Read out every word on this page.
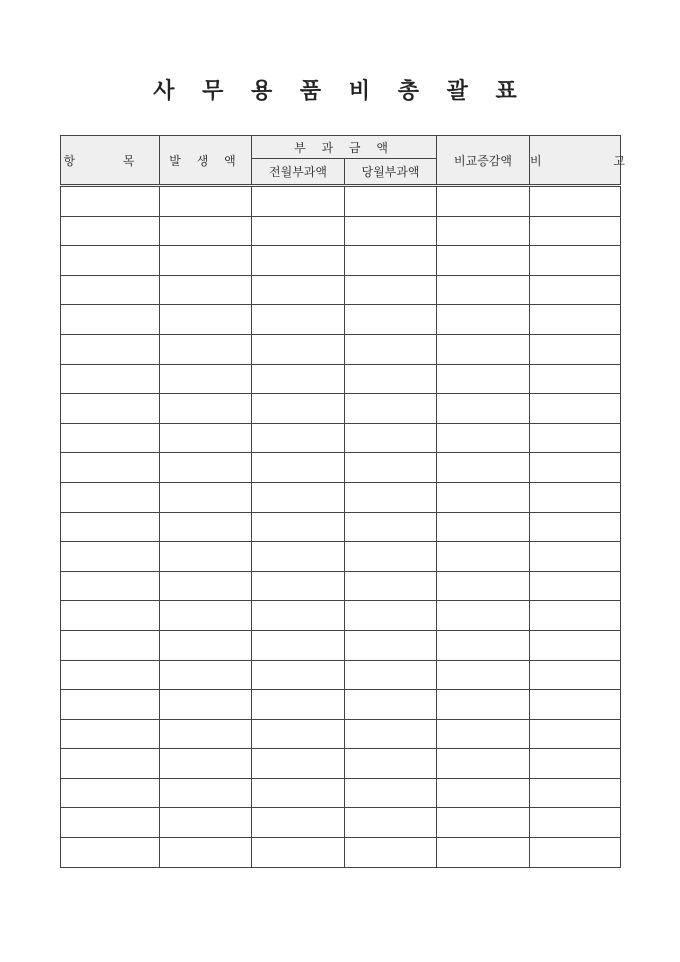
사 무 용 품 비 총 괄 표
항 목	발 생 액	부 과 금 액		비교증감액	비 고
		전월부과액	당월부과액		
